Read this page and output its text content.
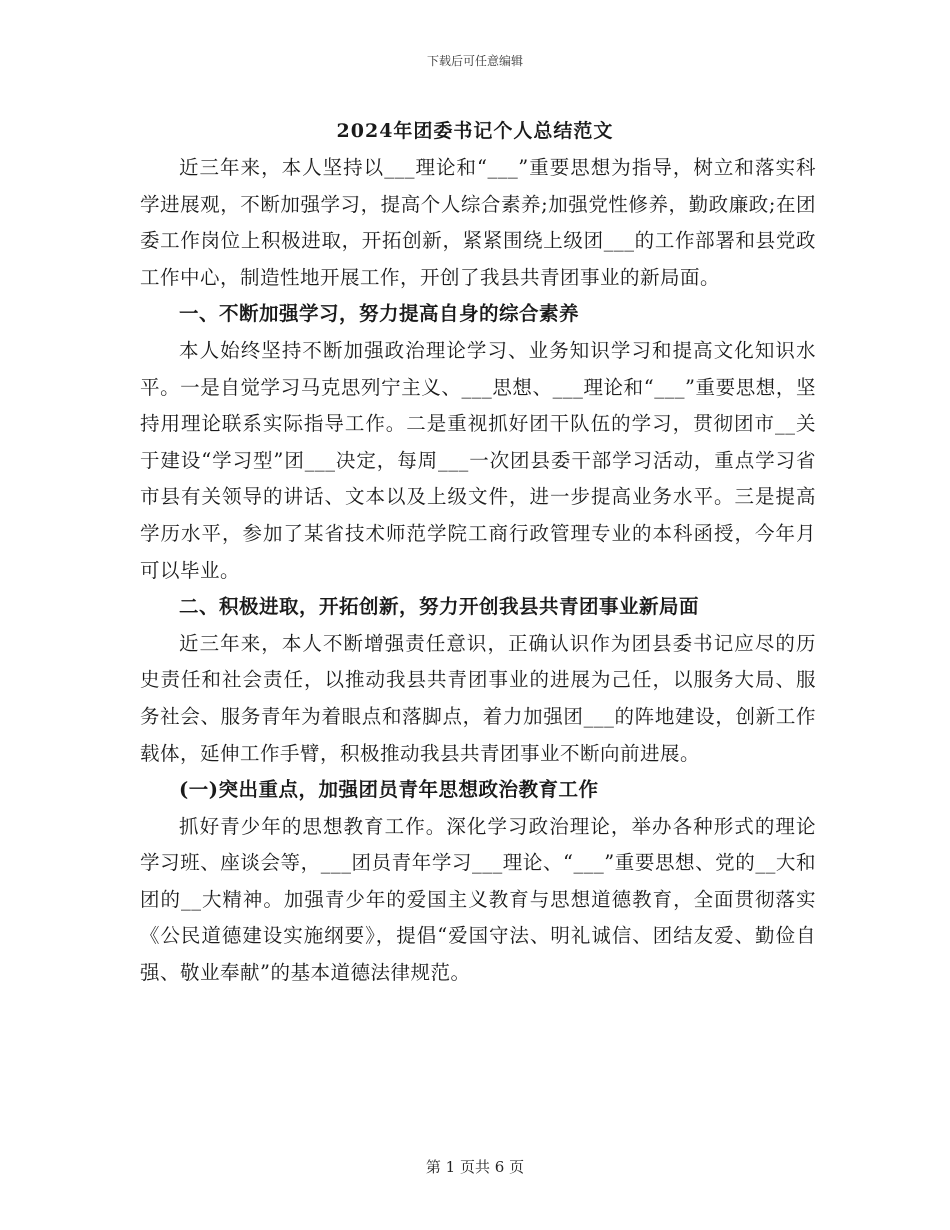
下载后可任意编辑
2024年团委书记个人总结范文

近三年来，本人坚持以___理论和“___”重要思想为指导，树立和落实科学进展观，不断加强学习，提高个人综合素养;加强党性修养，勤政廉政;在团委工作岗位上积极进取，开拓创新，紧紧围绕上级团___的工作部署和县党政工作中心，制造性地开展工作，开创了我县共青团事业的新局面。

一、不断加强学习，努力提高自身的综合素养

本人始终坚持不断加强政治理论学习、业务知识学习和提高文化知识水平。一是自觉学习马克思列宁主义、___思想、___理论和“___”重要思想，坚持用理论联系实际指导工作。二是重视抓好团干队伍的学习，贯彻团市__关于建设“学习型”团___决定，每周___一次团县委干部学习活动，重点学习省市县有关领导的讲话、文本以及上级文件，进一步提高业务水平。三是提高学历水平，参加了某省技术师范学院工商行政管理专业的本科函授，今年月可以毕业。

二、积极进取，开拓创新，努力开创我县共青团事业新局面

近三年来，本人不断增强责任意识，正确认识作为团县委书记应尽的历史责任和社会责任，以推动我县共青团事业的进展为己任，以服务大局、服务社会、服务青年为着眼点和落脚点，着力加强团___的阵地建设，创新工作载体，延伸工作手臂，积极推动我县共青团事业不断向前进展。

(一)突出重点，加强团员青年思想政治教育工作

抓好青少年的思想教育工作。深化学习政治理论，举办各种形式的理论学习班、座谈会等，___团员青年学习___理论、“___”重要思想、党的__大和团的__大精神。加强青少年的爱国主义教育与思想道德教育，全面贯彻落实《公民道德建设实施纲要》，提倡“爱国守法、明礼诚信、团结友爱、勤俭自强、敬业奉献”的基本道德法律规范。

第 1 页共 6 页
